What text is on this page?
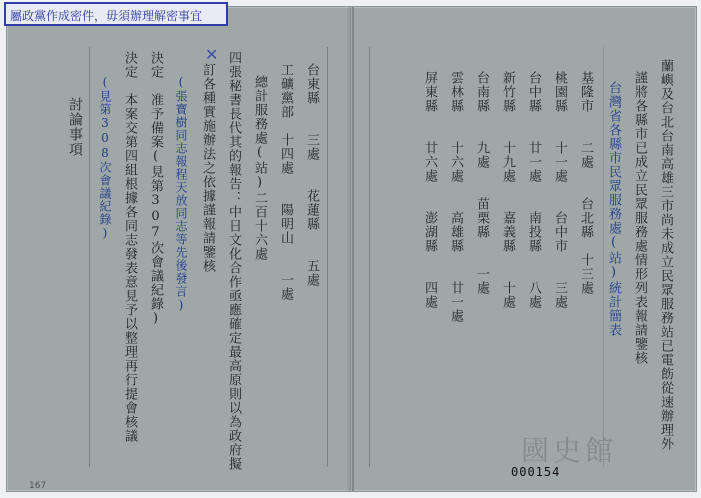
台東縣　　三處　　花蓮縣　　五處
工礦黨部　十四處　　陽明山　　一處
總計服務處(站)二百十六處
四張秘書長代其的報告：中日文化合作亟應確定最高原則以為政府擬
訂各種實施辦法之依據謹報請鑒核
(張寶樹同志報程天放同志等先後發言)
決定　准予備案(見第307次會議紀錄)
決定　本案交第四組根據各同志發表意見予以整理再行提會核議
(見第308次會議紀錄)
討論事項
✕
蘭嶼及台北台南高雄三市尚未成立民眾服務站已電飭從速辦理外
謹將各縣市已成立民眾服務處情形列表報請鑒核
台灣省各縣市民眾服務處(站)統計簡表
基隆市　　二處　　台北縣　十三處
桃園縣　　十一處　　台中市　　三處
台中縣　　廿一處　　南投縣　　八處
新竹縣　　十九處　　嘉義縣　　十處
台南縣　　九處　　苗栗縣　　一處
雲林縣　　十六處　　高雄縣　　廿一處
屏東縣　　廿六處　　澎湖縣　　四處
國史館
000154
167
屬政黨作成密件，毋須辦理解密事宜
